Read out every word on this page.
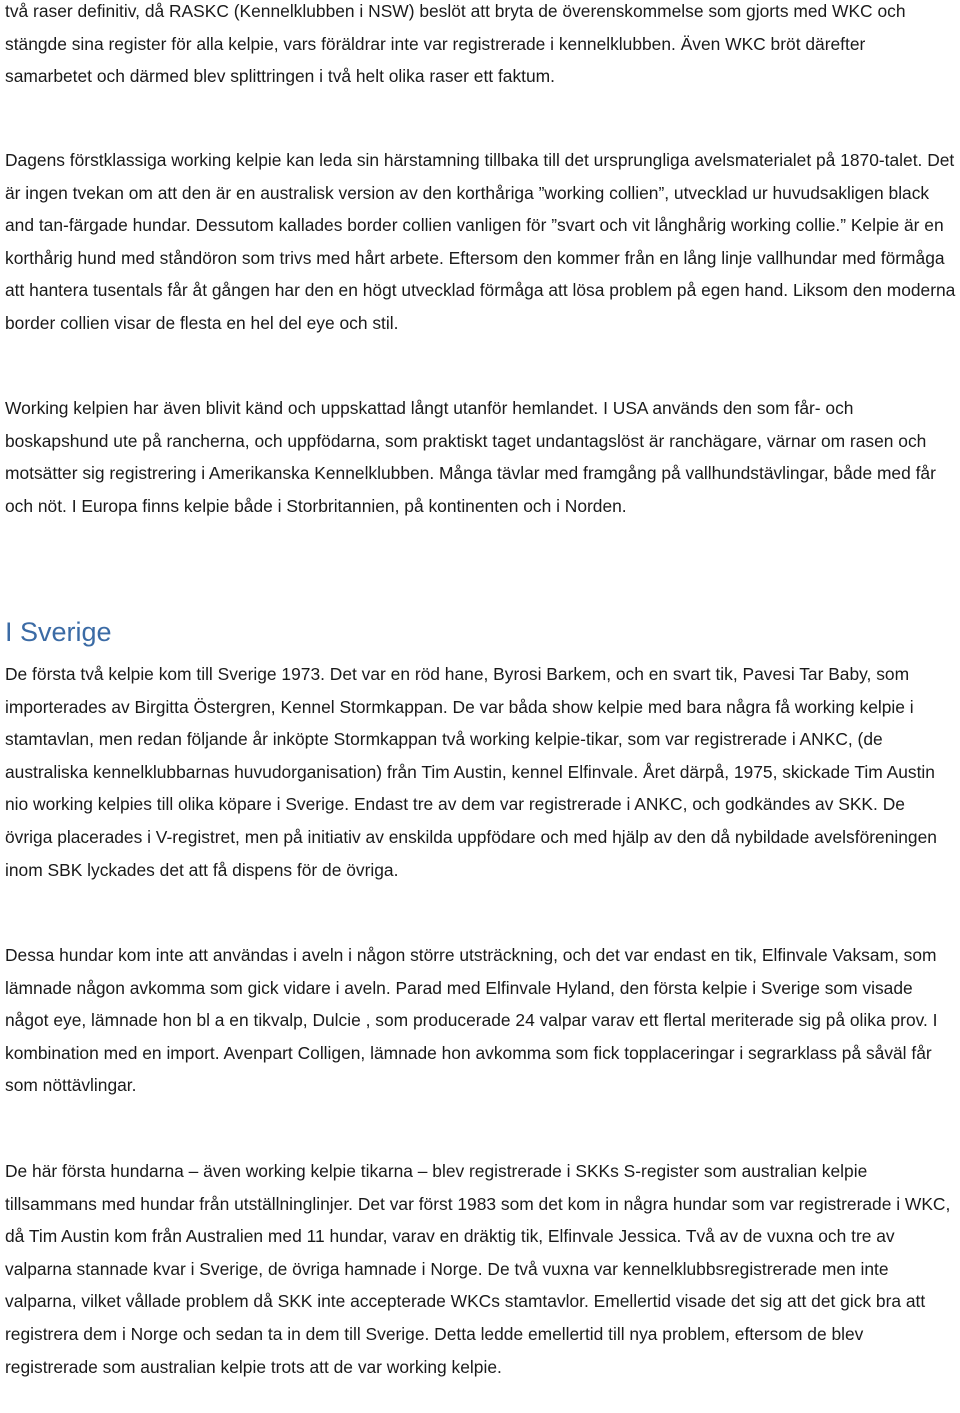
två raser definitiv, då RASKC (Kennelklubben i NSW) beslöt att bryta de överenskommelse som gjorts med WKC och stängde sina register för alla kelpie, vars föräldrar inte var registrerade i kennelklubben. Även WKC bröt därefter samarbetet och därmed blev splittringen i två helt olika raser ett faktum.

Dagens förstklassiga working kelpie kan leda sin härstamning tillbaka till det ursprungliga avelsmaterialet på 1870-talet. Det är ingen tvekan om att den är en australisk version av den korthåriga ”working collien”, utvecklad ur huvudsakligen black and tan-färgade hundar. Dessutom kallades border collien vanligen för ”svart och vit långhårig working collie.” Kelpie är en korthårig hund med ståndöron som trivs med hårt arbete. Eftersom den kommer från en lång linje vallhundar med förmåga att hantera tusentals får åt gången har den en högt utvecklad förmåga att lösa problem på egen hand. Liksom den moderna border collien visar de flesta en hel del eye och stil.

Working kelpien har även blivit känd och uppskattad långt utanför hemlandet. I USA används den som får- och boskapshund ute på rancherna, och uppfödarna, som praktiskt taget undantagslöst är ranchägare, värnar om rasen och motsätter sig registrering i Amerikanska Kennelklubben. Många tävlar med framgång på vallhundstävlingar, både med får och nöt. I Europa finns kelpie både i Storbritannien, på kontinenten och i Norden.

I Sverige

De första två kelpie kom till Sverige 1973. Det var en röd hane, Byrosi Barkem, och en svart tik, Pavesi Tar Baby, som importerades av Birgitta Östergren, Kennel Stormkappan. De var båda show kelpie med bara några få working kelpie i stamtavlan, men redan följande år inköpte Stormkappan två working kelpie-tikar, som var registrerade i ANKC, (de australiska kennelklubbarnas huvudorganisation) från Tim Austin, kennel Elfinvale. Året därpå, 1975, skickade Tim Austin nio working kelpies till olika köpare i Sverige. Endast tre av dem var registrerade i ANKC, och godkändes av SKK. De övriga placerades i V-registret, men på initiativ av enskilda uppfödare och med hjälp av den då nybildade avelsföreningen inom SBK lyckades det att få dispens för de övriga.

Dessa hundar kom inte att användas i aveln i någon större utsträckning, och det var endast en tik, Elfinvale Vaksam, som lämnade någon avkomma som gick vidare i aveln. Parad med Elfinvale Hyland, den första kelpie i Sverige som visade något eye, lämnade hon bl a en tikvalp, Dulcie , som producerade 24 valpar varav ett flertal meriterade sig på olika prov. I kombination med en import. Avenpart Colligen, lämnade hon avkomma som fick topplaceringar i segrarklass på såväl får som nöttävlingar.

De här första hundarna – även working kelpie tikarna – blev registrerade i SKKs S-register som australian kelpie tillsammans med hundar från utställninglinjer. Det var först 1983 som det kom in några hundar som var registrerade i WKC, då Tim Austin kom från Australien med 11 hundar, varav en dräktig tik, Elfinvale Jessica. Två av de vuxna och tre av valparna stannade kvar i Sverige, de övriga hamnade i Norge. De två vuxna var kennelklubbsregistrerade men inte valparna, vilket vållade problem då SKK inte accepterade WKCs stamtavlor. Emellertid visade det sig att det gick bra att registrera dem i Norge och sedan ta in dem till Sverige. Detta ledde emellertid till nya problem, eftersom de blev registrerade som australian kelpie trots att de var working kelpie.
